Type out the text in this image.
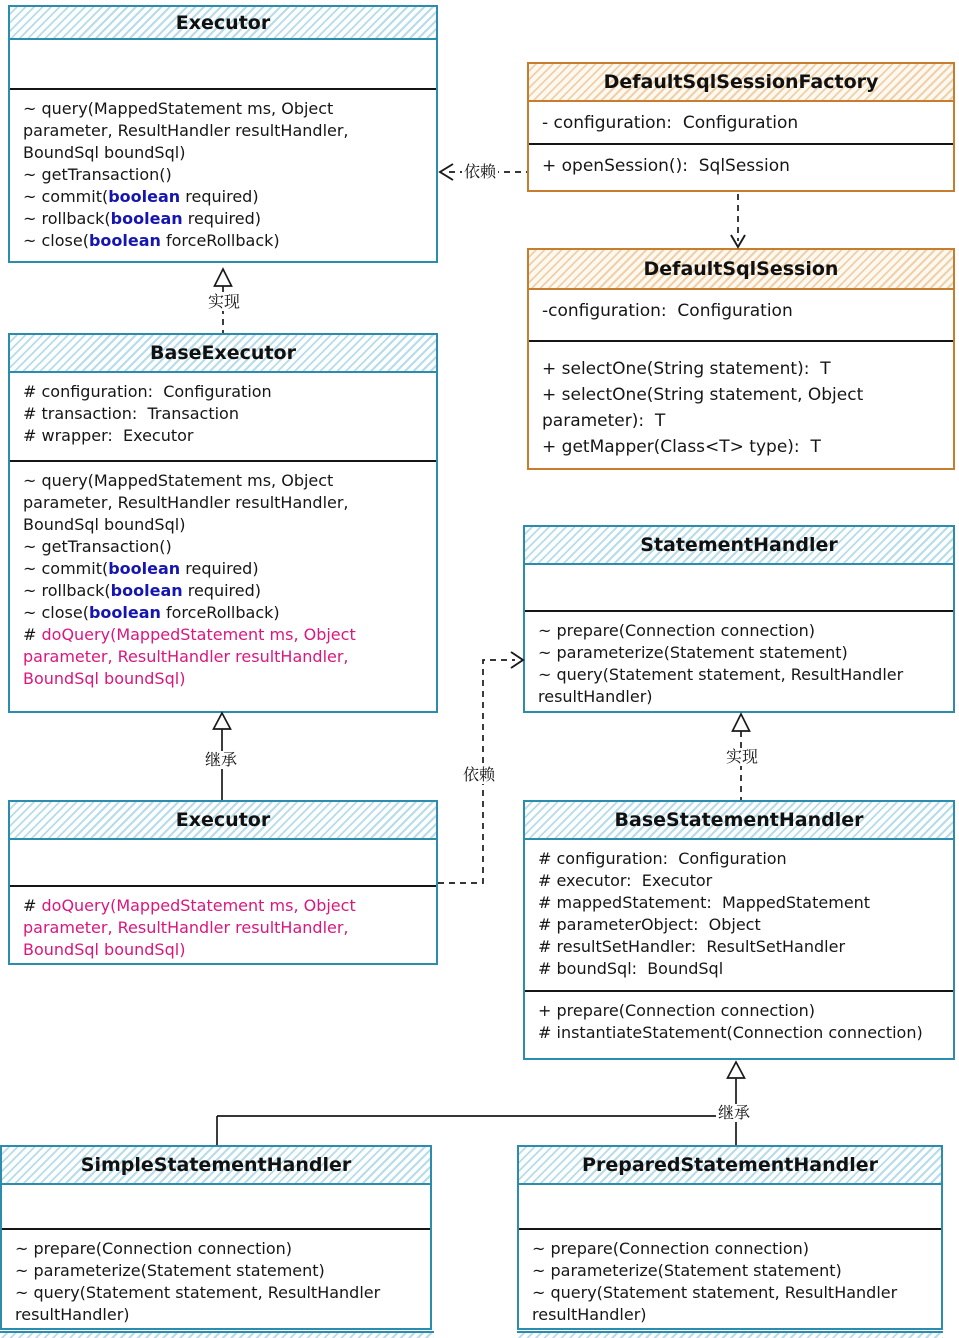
实现
依赖
继承
依赖
实现
继承
Executor
~ query(MappedStatement ms, Object parameter, ResultHandler resultHandler, BoundSql boundSql)
~ getTransaction()
~ commit(boolean required)
~ rollback(boolean required)
~ close(boolean forceRollback)
DefaultSqlSessionFactory
- configuration:  Configuration
+ openSession():  SqlSession
DefaultSqlSession
-configuration:  Configuration
+ selectOne(String statement):  T
+ selectOne(String statement, Object parameter):  T
+ getMapper(Class<T> type):  T
BaseExecutor
# configuration:  Configuration
# transaction:  Transaction
# wrapper:  Executor
~ query(MappedStatement ms, Object parameter, ResultHandler resultHandler, BoundSql boundSql)
~ getTransaction()
~ commit(boolean required)
~ rollback(boolean required)
~ close(boolean forceRollback)
# doQuery(MappedStatement ms, Object parameter, ResultHandler resultHandler, BoundSql boundSql)
StatementHandler
~ prepare(Connection connection)
~ parameterize(Statement statement)
~ query(Statement statement, ResultHandler resultHandler)
Executor
# doQuery(MappedStatement ms, Object parameter, ResultHandler resultHandler, BoundSql boundSql)
BaseStatementHandler
# configuration:  Configuration
# executor:  Executor
# mappedStatement:  MappedStatement
# parameterObject:  Object
# resultSetHandler:  ResultSetHandler
# boundSql:  BoundSql
+ prepare(Connection connection)
# instantiateStatement(Connection connection)
SimpleStatementHandler
~ prepare(Connection connection)
~ parameterize(Statement statement)
~ query(Statement statement, ResultHandler resultHandler)
PreparedStatementHandler
~ prepare(Connection connection)
~ parameterize(Statement statement)
~ query(Statement statement, ResultHandler resultHandler)
